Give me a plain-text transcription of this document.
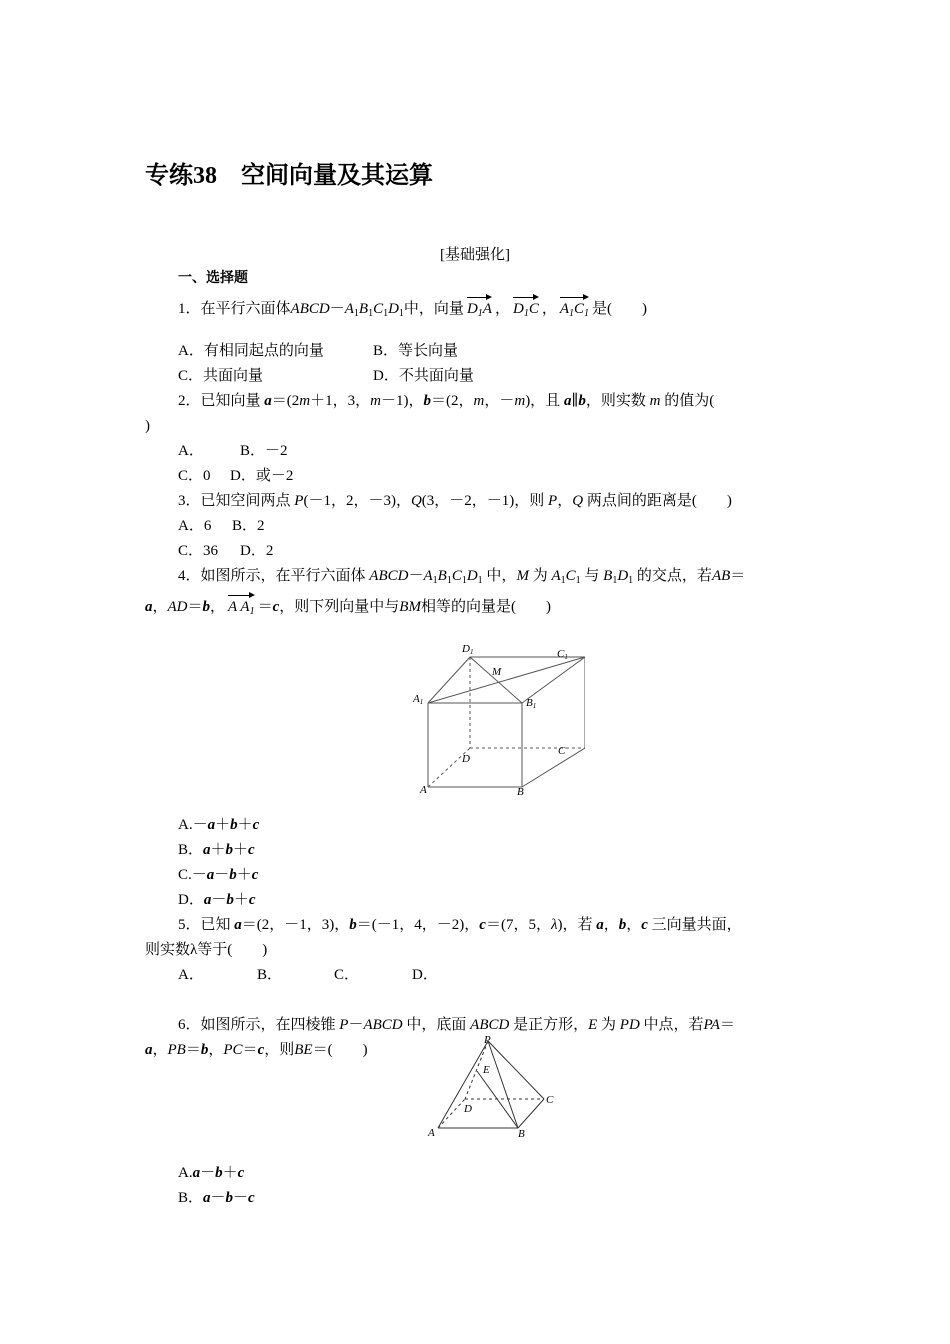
专练38　 空间向量及其运算
[基础强化]
一、选择题
1．在平行六面体$ABCD-A_1B_1C_1D_1$中，向量 $D_1A$ ， $D_1C$ ， $A_1C_1$ 是(　　)
A．有相同起点的向量	B．等长向量
C．共面向量	D．不共面向量
2．已知向量 a＝(2m＋1，3，m－1)，b＝(2，m，－m)，且 a∥b，则实数 m 的值为(
)
A． B．－2
C．0 D．或－2
3．已知空间两点 P(－1，2，－3)，Q(3，－2，－1)，则 P，Q 两点间的距离是(　　)
A．6 B．2
C．36 D．2
4．如图所示，在平行六面体 $ABCD-A_1B_1C_1D_1$ 中，M 为 $A_1C_1$ 与 $B_1D_1$ 的交点，若AB＝
a，AD＝b， A $A_1 =c$，则下列向量中与BM相等的向量是(　　)
D1	C1
A1	B1
M
D
C
A	B
A.－a＋b＋c
B．a＋b＋c
C.－a－b＋c
D．a－b＋c
5．已知 a＝(2，－1，3)，b＝(－1，4，－2)，c＝(7，5，λ)，若 a，b，c 三向量共面，
则实数λ等于(　　)
A．	B．	C．	D．
6．如图所示，在四棱锥 P－ABCD 中，底面 ABCD 是正方形，E 为 PD 中点，若PA＝
a，PB＝b，PC＝c，则BE＝(　　)
P
E
D
C
A	B
A.a－b＋c
B．a－b－c
